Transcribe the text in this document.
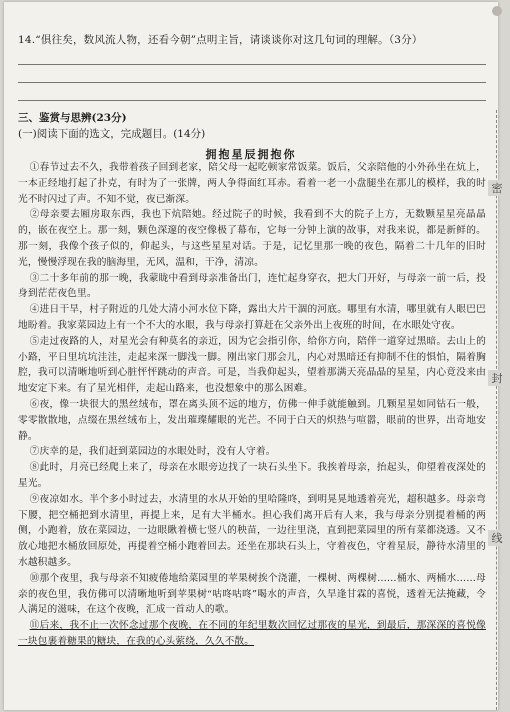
14.“俱往矣，数风流人物，还看今朝”点明主旨，请谈谈你对这几句词的理解。（3分）
三、鉴赏与思辨(23分)
(一)阅读下面的选文，完成题目。(14分)
拥抱星辰拥抱你

①春节过去不久，我带着孩子回到老家，陪父母一起吃顿家常饭菜。饭后，父亲陪他的小外孙坐在炕上，一本正经地打起了扑克，有时为了一张牌，两人争得面红耳赤。看着一老一小盘腿坐在那儿的模样，我的时光不时闪过了声。不知不觉，夜已渐深。

②母亲要去厢房取东西，我也下炕陪她。经过院子的时候，我看到不大的院子上方，无数颗星星亮晶晶的，嵌在夜空上。那一刻，颗色深邃的夜空像极了幕布，它每一分钟上演的故事，对我来说，都是新鲜的。那一刻，我像个孩子似的，仰起头，与这些星星对话。于是，记忆里那一晚的夜色，隔着二十几年的旧时光，慢慢浮现在我的脑海里，无风，温和，干净，清凉。

③二十多年前的那一晚，我蒙眬中看到母亲准备出门，连忙起身穿衣，把大门开好，与母亲一前一后，投身到茫茫夜色里。

④进日干旱，村子附近的几处大清小河水位下降，露出大片干涸的河底。哪里有水清，哪里就有人眼巴巴地盼着。我家菜园边上有一个不大的水眼，我与母亲打算赶在父亲外出上夜班的时间，在水眼处守夜。

⑤走过夜路的人，对星光会有种莫名的亲近，因为它会指引你，给你方向，陪伴一道穿过黑暗。去山上的小路，平日里坑坑洼洼，走起来深一脚浅一脚。刚出家门那会儿，内心对黑暗还有抑制不住的惧怕，隔着胸腔，我可以清晰地听到心脏怦怦跳动的声音。可是，当我仰起头，望着那满天亮晶晶的星星，内心竟没来由地安定下来。有了星光相伴，走起山路来，也没想象中的那么困难。

⑥夜，像一块很大的黑丝绒布，罩在离头顶不远的地方，仿佛一伸手就能触到。几颗星星如同钻石一般，零零散散地，点缀在黑丝绒布上，发出璀璨耀眼的光芒。不同于白天的炽热与喧嚣，眼前的世界，出奇地安静。

⑦庆幸的是，我们赶到菜园边的水眼处时，没有人守着。

⑧此时，月亮已经爬上来了，母亲在水眼旁边找了一块石头坐下。我挨着母亲，抬起头，仰望着夜深处的星光。

⑨夜凉如水。半个多小时过去，水清里的水从开始的里哈隆咚，到明晃晃地透着亮光，超积越多。母亲弯下腰，把空桶把到水清里，再提上来，足有大半桶水。担心我们离开后有人来，我与母亲分别提着桶的两侧，小跑着，放在菜园边，一边眼瞅着横七竖八的秧苗，一边往里浇，直到把菜园里的所有菜都浇透。又不放心地把水桶放回原处，再提着空桶小跑着回去。还坐在那块石头上，守着夜色，守着星辰，静待水清里的水越积越多。

⑩那个夜里，我与母亲不知疲倦地给菜园里的苹果树挨个浇灌，一棵树、两棵树……桶水、两桶水……母亲的夜色里，我仿佛可以清晰地听到苹果树“咕咚咕咚”喝水的声音，久旱逢甘霖的喜悦，透着无法掩藏，令人满足的滋味，在这个夜晚，汇成一首动人的歌。

⑪后来，我不止一次怀念过那个夜晚，在不同的年纪里数次回忆过那夜的星光，到最后，那深深的喜悦像一块包裹着糖果的糖块，在我的心头萦绕，久久不散。

密
封
线
